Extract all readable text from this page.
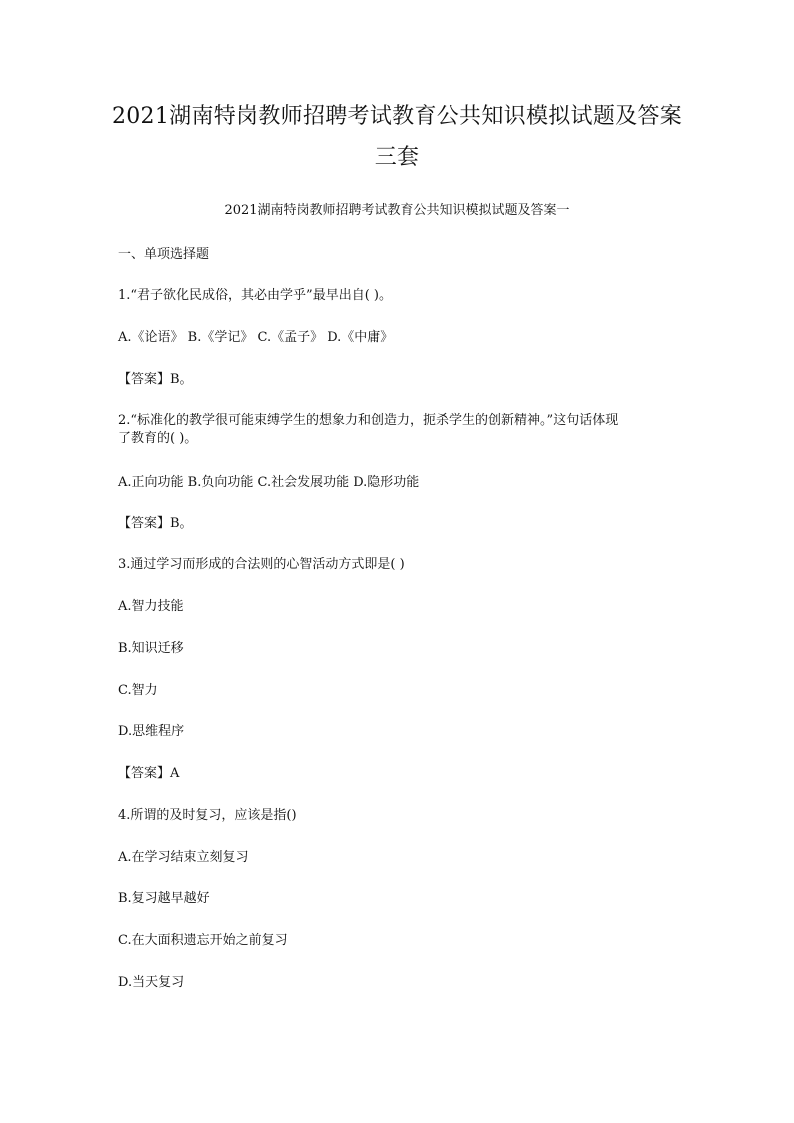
2021湖南特岗教师招聘考试教育公共知识模拟试题及答案
三套

2021湖南特岗教师招聘考试教育公共知识模拟试题及答案一

一、单项选择题

1.“君子欲化民成俗，其必由学乎”最早出自( )。

A.《论语》 B.《学记》 C.《孟子》 D.《中庸》

【答案】B。

2.“标准化的教学很可能束缚学生的想象力和创造力，扼杀学生的创新精神。”这句话体现

了教育的( )。

A.正向功能 B.负向功能 C.社会发展功能 D.隐形功能

【答案】B。

3.通过学习而形成的合法则的心智活动方式即是( )

A.智力技能

B.知识迁移

C.智力

D.思维程序

【答案】A

4.所谓的及时复习，应该是指()

A.在学习结束立刻复习

B.复习越早越好

C.在大面积遗忘开始之前复习

D.当天复习
